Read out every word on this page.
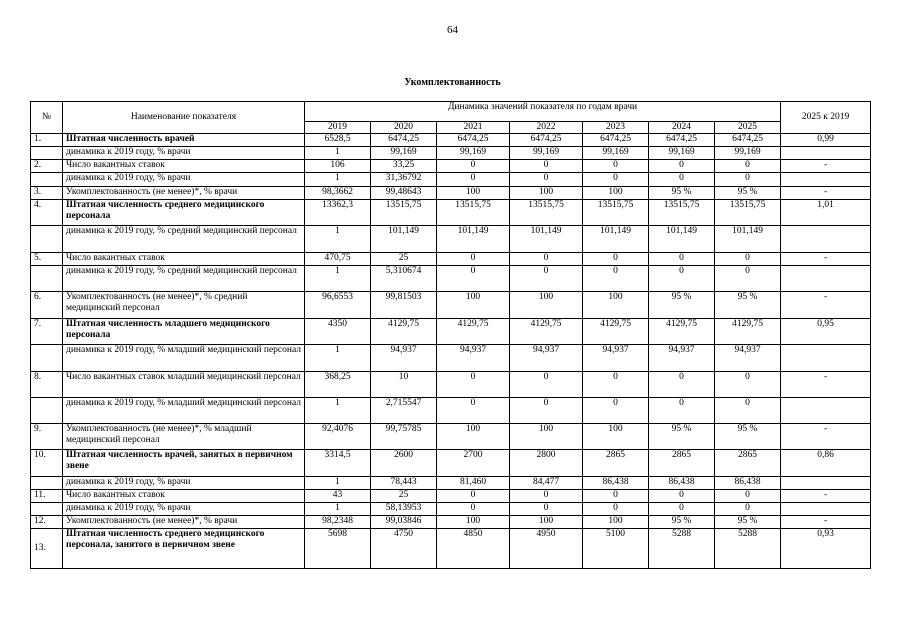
64
Укомплектованность
№	Наименование показателя	Динамика значений показателя по годам врачи							2025 к 2019
		2019	2020	2021	2022	2023	2024	2025	
1.	Штатная численность врачей	6528,5	6474,25	6474,25	6474,25	6474,25	6474,25	6474,25	0,99
	динамика к 2019 году, % врачи	1	99,169	99,169	99,169	99,169	99,169	99,169	
2.	Число вакантных ставок	106	33,25	0	0	0	0	0	-
	динамика к 2019 году, % врачи	1	31,36792	0	0	0	0	0	
3.	Укомплектованность (не менее)*, % врачи	98,3662	99,48643	100	100	100	95 %	95 %	-
4.	Штатная численность среднего медицинского персонала	13362,3	13515,75	13515,75	13515,75	13515,75	13515,75	13515,75	1,01
	динамика к 2019 году, % средний медицинский персонал	1	101,149	101,149	101,149	101,149	101,149	101,149	
5.	Число вакантных ставок	470,75	25	0	0	0	0	0	-
	динамика к 2019 году, % средний медицинский персонал	1	5,310674	0	0	0	0	0	
6.	Укомплектованность (не менее)*, % средний медицинский персонал	96,6553	99,81503	100	100	100	95 %	95 %	-
7.	Штатная численность младшего медицинского персонала	4350	4129,75	4129,75	4129,75	4129,75	4129,75	4129,75	0,95
	динамика к 2019 году, % младший медицинский персонал	1	94,937	94,937	94,937	94,937	94,937	94,937	
8.	Число вакантных ставок младший медицинский персонал	368,25	10	0	0	0	0	0	-
	динамика к 2019 году, % младший медицинский персонал	1	2,715547	0	0	0	0	0	
9.	Укомплектованность (не менее)*, % младший медицинский персонал	92,4076	99,75785	100	100	100	95 %	95 %	-
10.	Штатная численность врачей, занятых в первичном звене	3314,5	2600	2700	2800	2865	2865	2865	0,86
	динамика к 2019 году, % врачи	1	78,443	81,460	84,477	86,438	86,438	86,438	
11.	Число вакантных ставок	43	25	0	0	0	0	0	-
	динамика к 2019 году, % врачи	1	58,13953	0	0	0	0	0	
12.	Укомплектованность (не менее)*, % врачи	98,2348	99,03846	100	100	100	95 %	95 %	-
13.	Штатная численность среднего медицинского персонала, занятого в первичном звене	5698	4750	4850	4950	5100	5288	5288	0,93
